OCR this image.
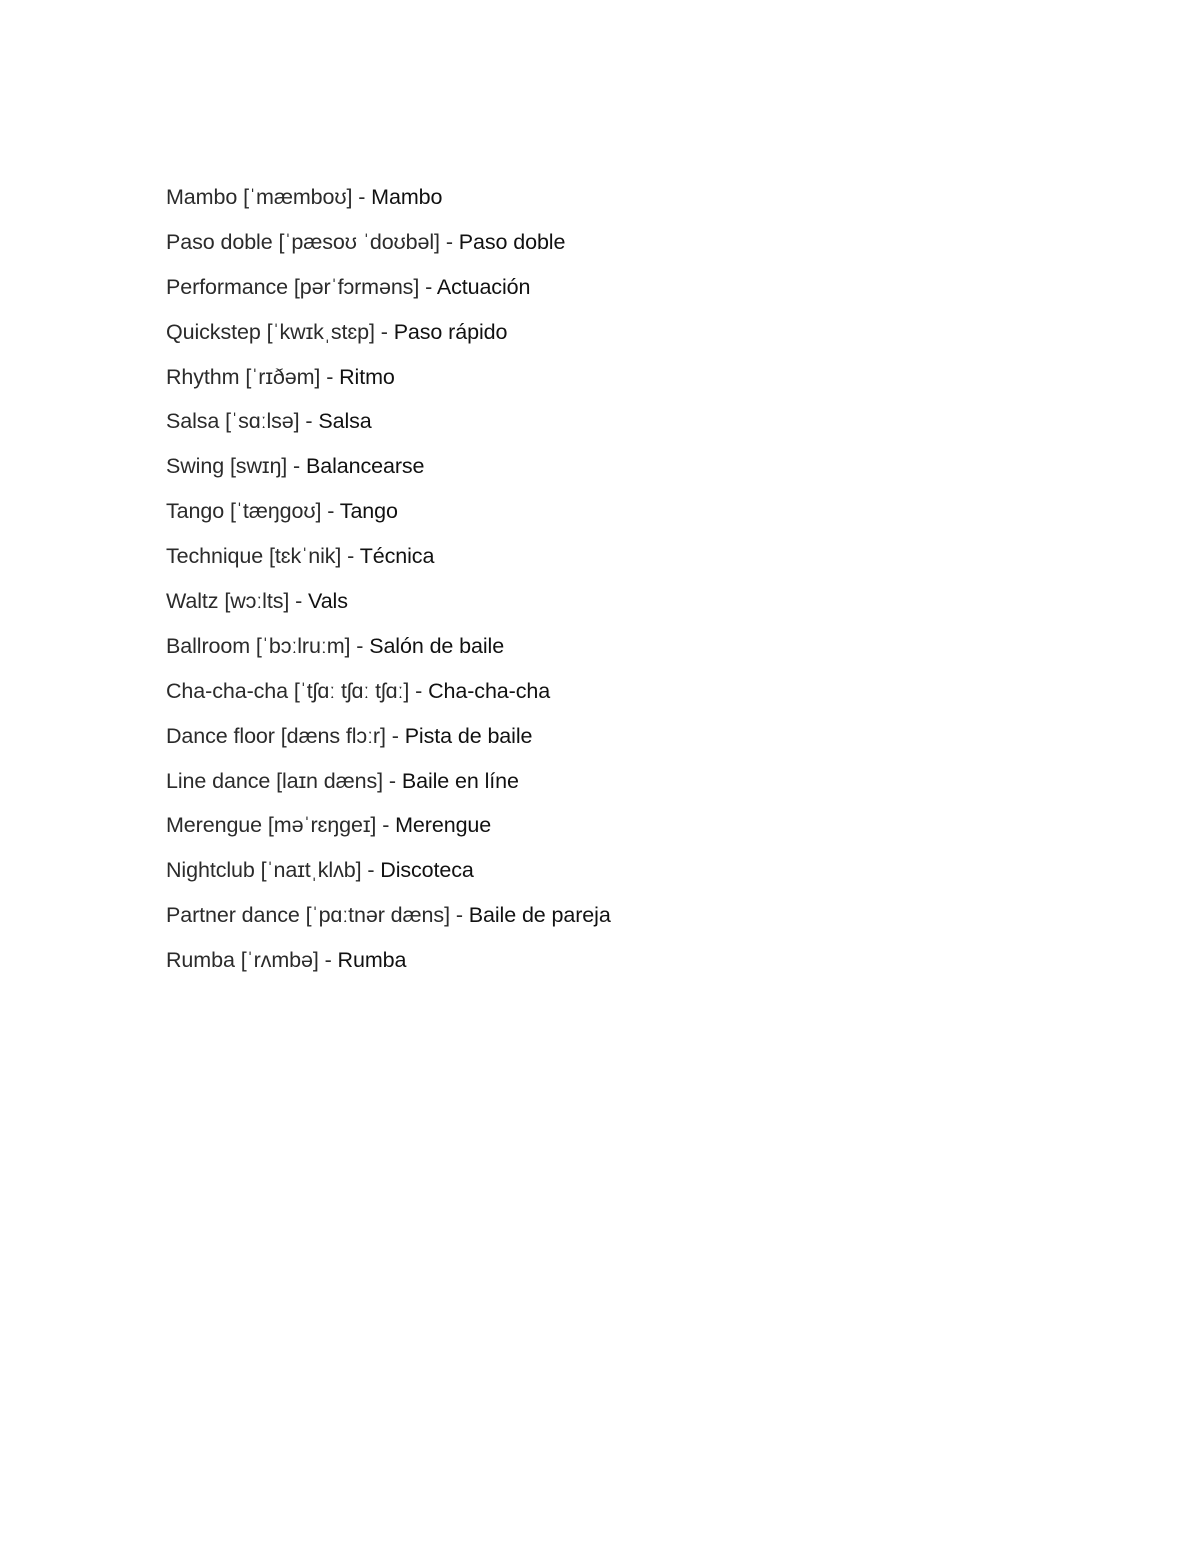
Mambo [ˈmæmboʊ] - Mambo
Paso doble [ˈpæsoʊ ˈdoʊbəl] - Paso doble
Performance [pərˈfɔrməns] - Actuación
Quickstep [ˈkwɪkˌstɛp] - Paso rápido
Rhythm [ˈrɪðəm] - Ritmo
Salsa [ˈsɑːlsə] - Salsa
Swing [swɪŋ] - Balancearse
Tango [ˈtæŋgoʊ] - Tango
Technique [tɛkˈnik] - Técnica
Waltz [wɔːlts] - Vals
Ballroom [ˈbɔːlruːm] - Salón de baile
Cha-cha-cha [ˈtʃɑː tʃɑː tʃɑː] - Cha-cha-cha
Dance floor [dæns flɔːr] - Pista de baile
Line dance [laɪn dæns] - Baile en líne
Merengue [məˈrɛŋgeɪ] - Merengue
Nightclub [ˈnaɪtˌklʌb] - Discoteca
Partner dance [ˈpɑːtnər dæns] - Baile de pareja
Rumba [ˈrʌmbə] - Rumba
